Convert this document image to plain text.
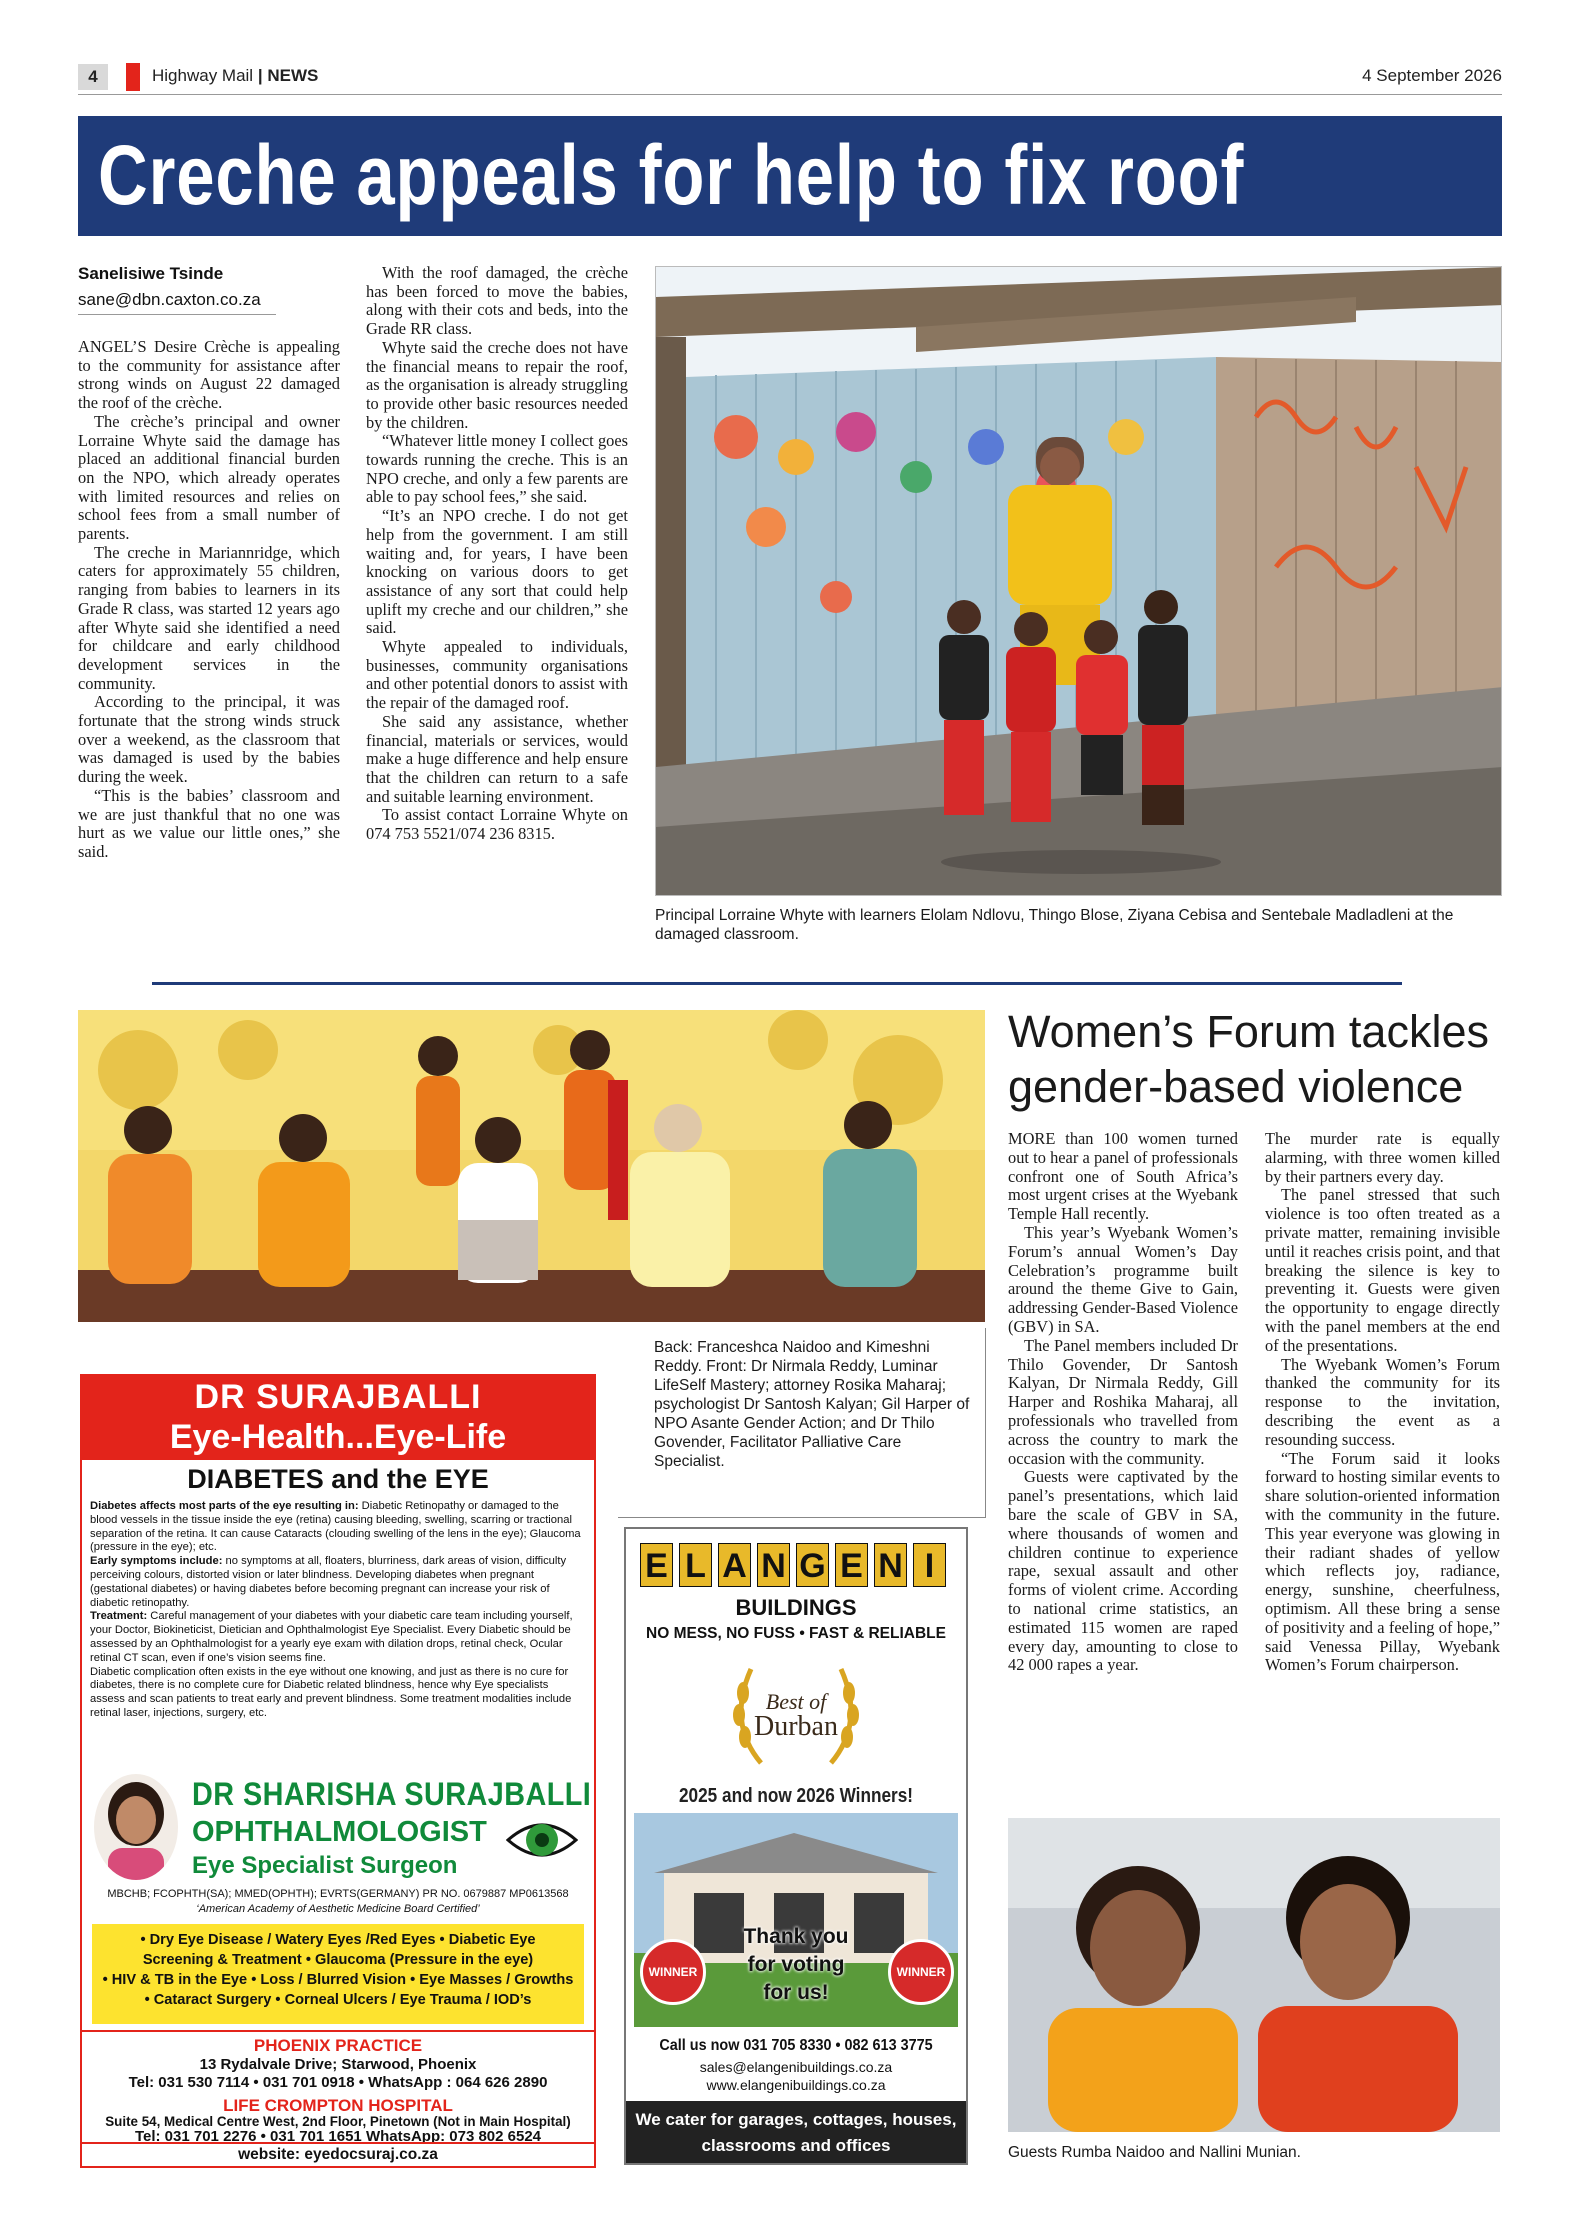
4	Highway Mail | NEWS	4 September 2026
Creche appeals for help to fix roof
Sanelisiwe Tsinde
sane@dbn.caxton.co.za

ANGEL’S Desire Crèche is appealing to the community for assistance after strong winds on August 22 damaged the roof of the crèche.

The crèche’s principal and owner Lorraine Whyte said the damage has placed an additional financial burden on the NPO, which already operates with limited resources and relies on school fees from a small number of parents.

The creche in Mariannridge, which caters for approximately 55 children, ranging from babies to learners in its Grade R class, was started 12 years ago after Whyte said she identified a need for childcare and early childhood development services in the community.

According to the principal, it was fortunate that the strong winds struck over a weekend, as the classroom that was damaged is used by the babies during the week.

“This is the babies’ classroom and we are just thankful that no one was hurt as we value our little ones,” she said.

With the roof damaged, the crèche has been forced to move the babies, along with their cots and beds, into the Grade RR class.

Whyte said the creche does not have the financial means to repair the roof, as the organisation is already struggling to provide other basic resources needed by the children.

“Whatever little money I collect goes towards running the creche. This is an NPO creche, and only a few parents are able to pay school fees,” she said.

“It’s an NPO creche. I do not get help from the government. I am still waiting and, for years, I have been knocking on various doors to get assistance of any sort that could help uplift my creche and our children,” she said.

Whyte appealed to individuals, businesses, community organisations and other potential donors to assist with the repair of the damaged roof.

She said any assistance, whether financial, materials or services, would make a huge difference and help ensure that the children can return to a safe and suitable learning environment.

To assist contact Lorraine Whyte on 074 753 5521/074 236 8315.

Principal Lorraine Whyte with learners Elolam Ndlovu, Thingo Blose, Ziyana Cebisa and Sentebale Madladleni at the damaged classroom.
Women’s Forum tackles
gender-based violence

MORE than 100 women turned out to hear a panel of professionals confront one of South Africa’s most urgent crises at the Wyebank Temple Hall recently.

This year’s Wyebank Women’s Forum’s annual Women’s Day Celebration’s programme built around the theme Give to Gain, addressing Gender-Based Violence (GBV) in SA.

The Panel members included Dr Thilo Govender, Dr Santosh Kalyan, Dr Nirmala Reddy, Gill Harper and Roshika Maharaj, all professionals who travelled from across the country to mark the occasion with the community.

Guests were captivated by the panel’s presentations, which laid bare the scale of GBV in SA, where thousands of women and children continue to experience rape, sexual assault and other forms of violent crime. According to national crime statistics, an estimated 115 women are raped every day, amounting to close to 42 000 rapes a year.

The murder rate is equally alarming, with three women killed by their partners every day.

The panel stressed that such violence is too often treated as a private matter, remaining invisible until it reaches crisis point, and that breaking the silence is key to preventing it. Guests were given the opportunity to engage directly with the panel members at the end of the presentations.

The Wyebank Women’s Forum thanked the community for its response to the invitation, describing the event as a resounding success.

“The Forum said it looks forward to hosting similar events to share solution-oriented information with the community in the future. This year everyone was glowing in their radiant shades of yellow which reflects joy, radiance, energy, sunshine, cheerfulness, optimism. All these bring a sense of positivity and a feeling of hope,” said Venessa Pillay, Wyebank Women’s Forum chairperson.

Back: Franceshca Naidoo and Kimeshni Reddy. Front: Dr Nirmala Reddy, Luminar LifeSelf Mastery; attorney Rosika Maharaj; psychologist Dr Santosh Kalyan; Gil Harper of NPO Asante Gender Action; and Dr Thilo Govender, Facilitator Palliative Care Specialist.
Guests Rumba Naidoo and Nallini Munian.
DR SURAJBALLI
Eye-Health...Eye-Life
DIABETES and the EYE

Diabetes affects most parts of the eye resulting in: Diabetic Retinopathy or damaged to the blood vessels in the tissue inside the eye (retina) causing bleeding, swelling, scarring or tractional separation of the retina. It can cause Cataracts (clouding swelling of the lens in the eye); Glaucoma (pressure in the eye); etc.

Early symptoms include: no symptoms at all, floaters, blurriness, dark areas of vision, difficulty perceiving colours, distorted vision or later blindness. Developing diabetes when pregnant (gestational diabetes) or having diabetes before becoming pregnant can increase your risk of diabetic retinopathy.

Treatment: Careful management of your diabetes with your diabetic care team including yourself, your Doctor, Biokineticist, Dietician and Ophthalmologist Eye Specialist. Every Diabetic should be assessed by an Ophthalmologist for a yearly eye exam with dilation drops, retinal check, Ocular retinal CT scan, even if one’s vision seems fine.

Diabetic complication often exists in the eye without one knowing, and just as there is no cure for diabetes, there is no complete cure for Diabetic related blindness, hence why Eye specialists assess and scan patients to treat early and prevent blindness. Some treatment modalities include retinal laser, injections, surgery, etc.

DR SHARISHA SURAJBALLI
OPHTHALMOLOGIST
Eye Specialist Surgeon
MBCHB; FCOPHTH(SA); MMED(OPHTH); EVRTS(GERMANY) PR NO. 0679887 MP0613568
‘American Academy of Aesthetic Medicine Board Certified’
• Dry Eye Disease / Watery Eyes /Red Eyes • Diabetic Eye
Screening & Treatment • Glaucoma (Pressure in the eye)
• HIV & TB in the Eye • Loss / Blurred Vision • Eye Masses / Growths
• Cataract Surgery • Corneal Ulcers / Eye Trauma / IOD’s
PHOENIX PRACTICE
13 Rydalvale Drive; Starwood, Phoenix
Tel: 031 530 7114 • 031 701 0918 • WhatsApp : 064 626 2890
LIFE CROMPTON HOSPITAL
Suite 54, Medical Centre West, 2nd Floor, Pinetown (Not in Main Hospital)
Tel: 031 701 2276 • 031 701 1651 WhatsApp: 073 802 6524
website: eyedocsuraj.co.za
E L A N G E N I
BUILDINGS
NO MESS, NO FUSS • FAST & RELIABLE
Best of
Durban
2025 and now 2026 Winners!
WINNER	WINNER
Thank you
for voting
for us!
Call us now 031 705 8330 • 082 613 3775
sales@elangenibuildings.co.za
www.elangenibuildings.co.za
We cater for garages, cottages, houses,
classrooms and offices
